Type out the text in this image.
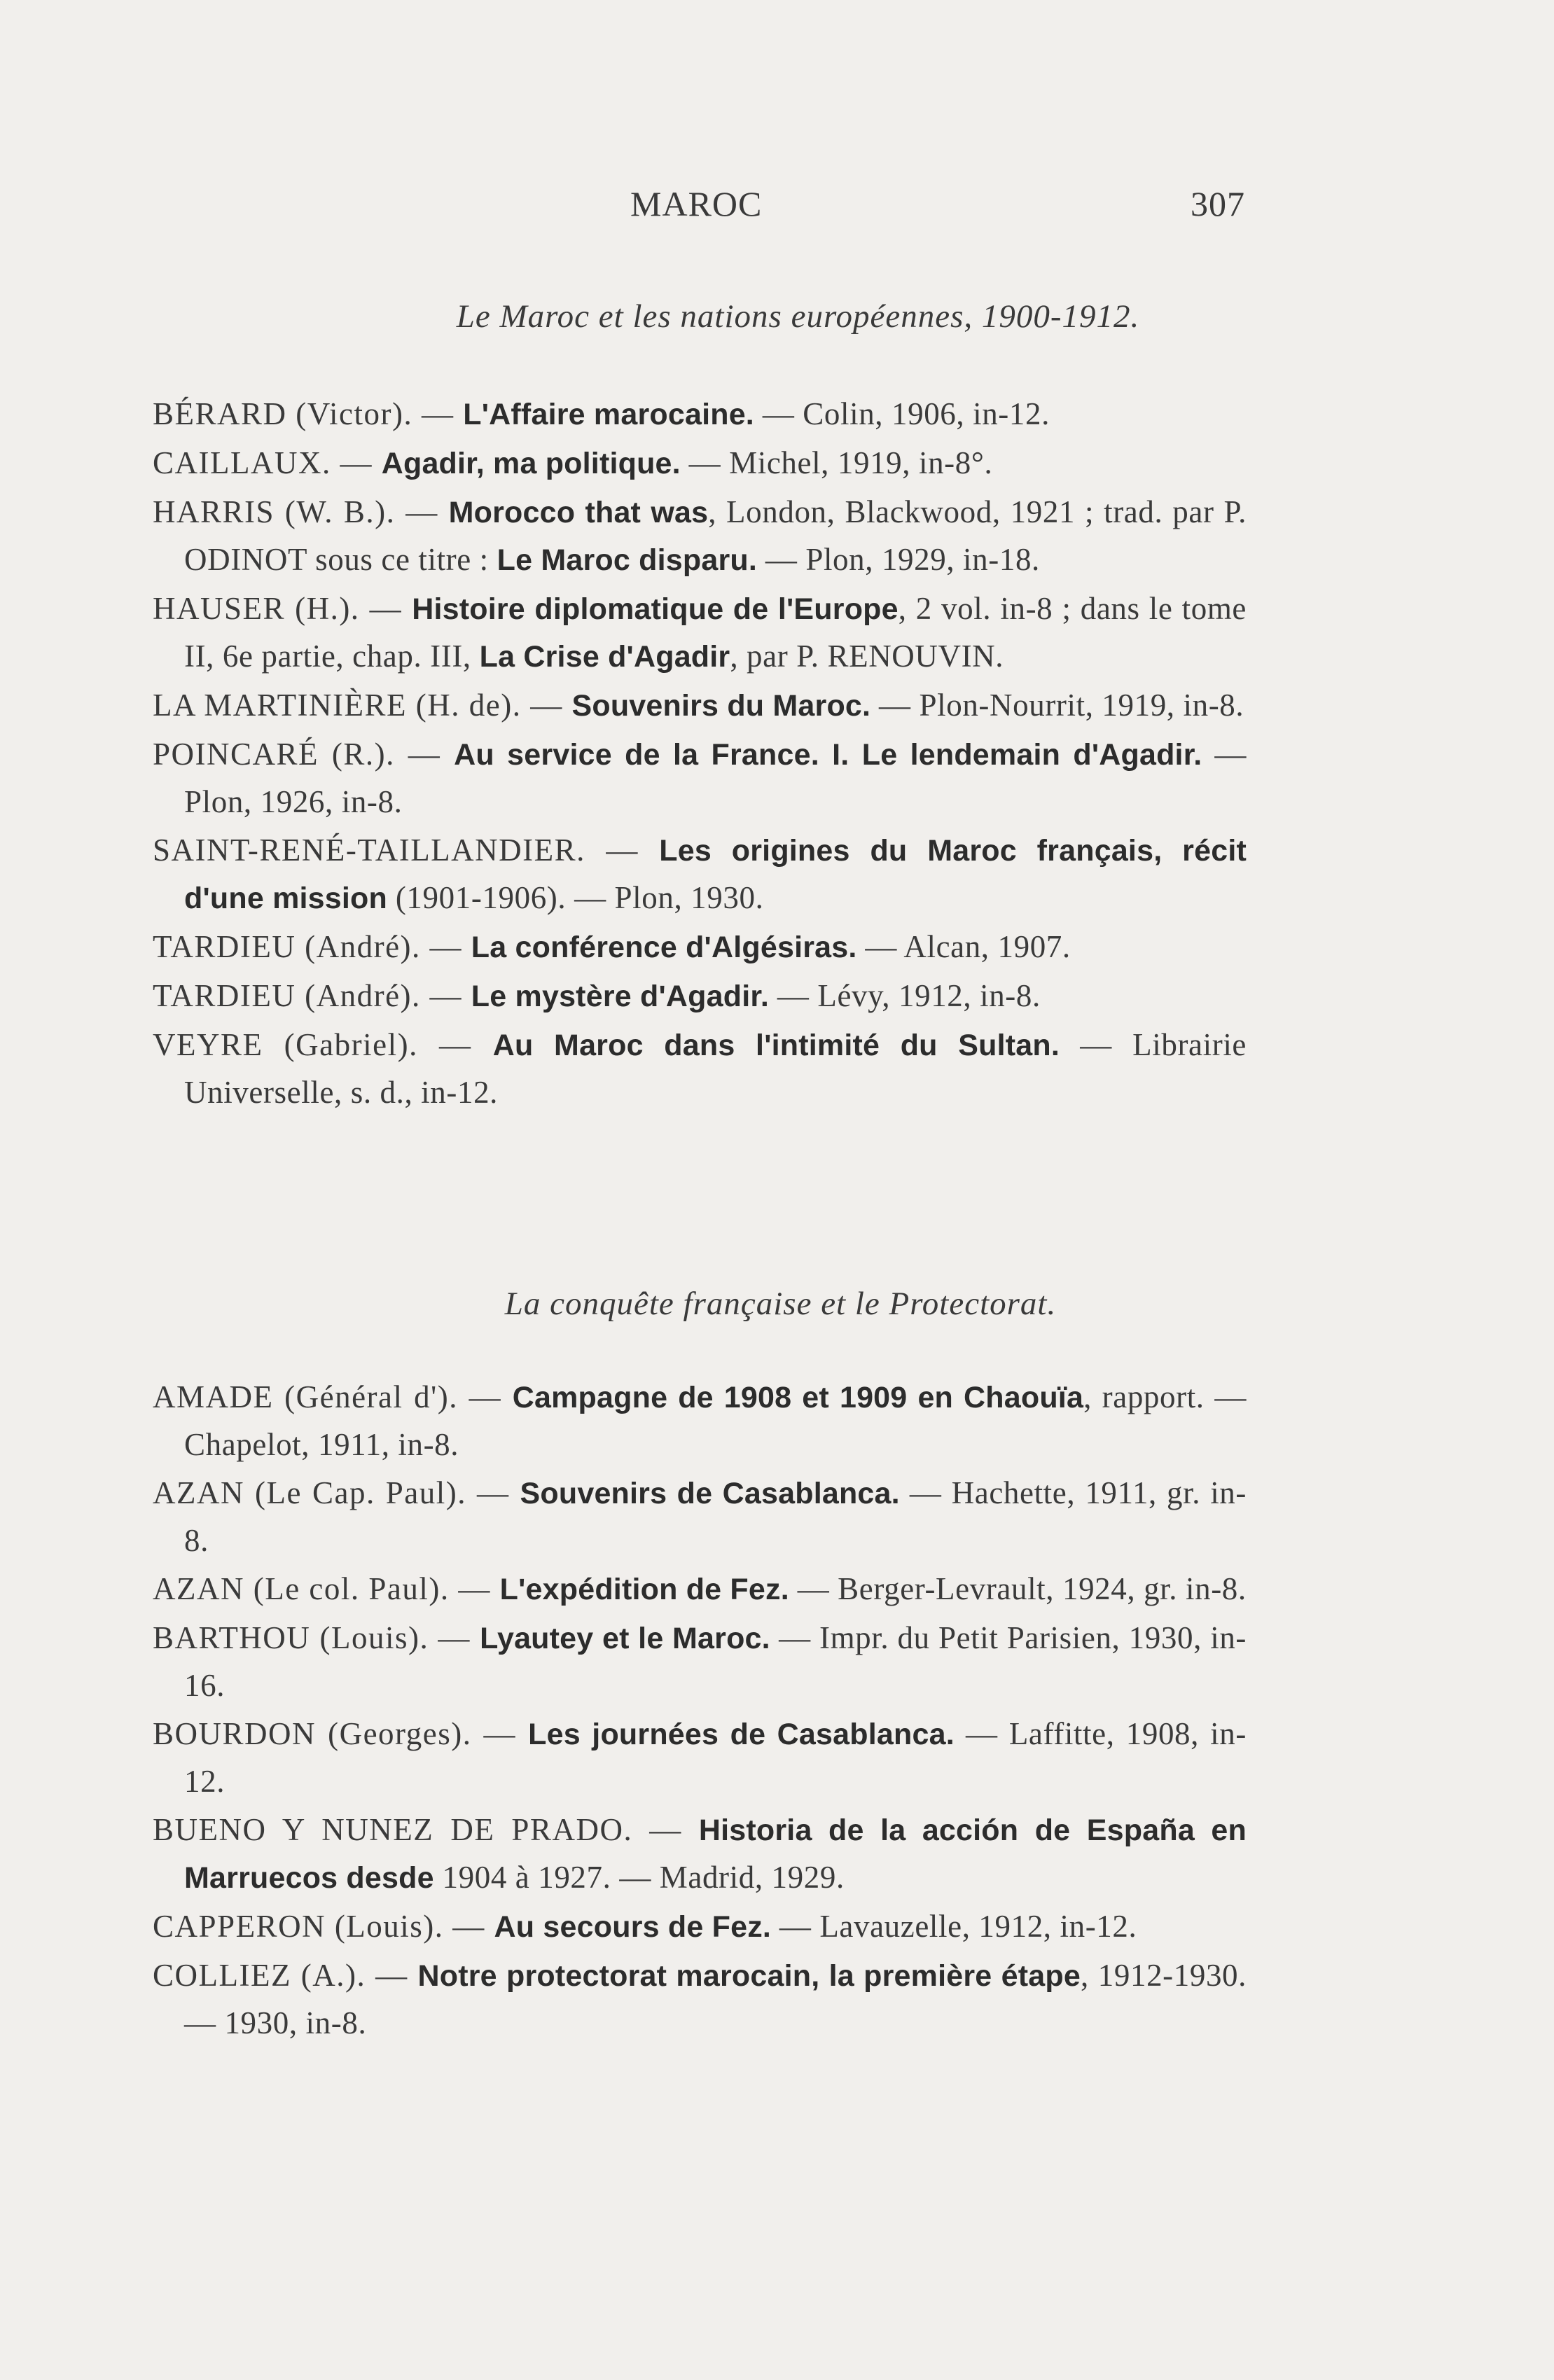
MAROC	307
Le Maroc et les nations européennes, 1900-1912.
BÉRARD (Victor). — L'Affaire marocaine. — Colin, 1906, in-12.
CAILLAUX. — Agadir, ma politique. — Michel, 1919, in-8°.
HARRIS (W. B.). — Morocco that was, London, Blackwood, 1921 ; trad. par P. ODINOT sous ce titre : Le Maroc disparu. — Plon, 1929, in-18.
HAUSER (H.). — Histoire diplomatique de l'Europe, 2 vol. in-8 ; dans le tome II, 6e partie, chap. III, La Crise d'Agadir, par P. RENOUVIN.
LA MARTINIÈRE (H. de). — Souvenirs du Maroc. — Plon-Nourrit, 1919, in-8.
POINCARÉ (R.). — Au service de la France. I. Le lendemain d'Agadir. — Plon, 1926, in-8.
SAINT-RENÉ-TAILLANDIER. — Les origines du Maroc français, récit d'une mission (1901-1906). — Plon, 1930.
TARDIEU (André). — La conférence d'Algésiras. — Alcan, 1907.
TARDIEU (André). — Le mystère d'Agadir. — Lévy, 1912, in-8.
VEYRE (Gabriel). — Au Maroc dans l'intimité du Sultan. — Librairie Universelle, s. d., in-12.
La conquête française et le Protectorat.
AMADE (Général d'). — Campagne de 1908 et 1909 en Chaouïa, rapport. — Chapelot, 1911, in-8.
AZAN (Le Cap. Paul). — Souvenirs de Casablanca. — Hachette, 1911, gr. in-8.
AZAN (Le col. Paul). — L'expédition de Fez. — Berger-Levrault, 1924, gr. in-8.
BARTHOU (Louis). — Lyautey et le Maroc. — Impr. du Petit Parisien, 1930, in-16.
BOURDON (Georges). — Les journées de Casablanca. — Laffitte, 1908, in-12.
BUENO Y NUNEZ DE PRADO. — Historia de la acción de España en Marruecos desde 1904 à 1927. — Madrid, 1929.
CAPPERON (Louis). — Au secours de Fez. — Lavauzelle, 1912, in-12.
COLLIEZ (A.). — Notre protectorat marocain, la première étape, 1912-1930. — 1930, in-8.
